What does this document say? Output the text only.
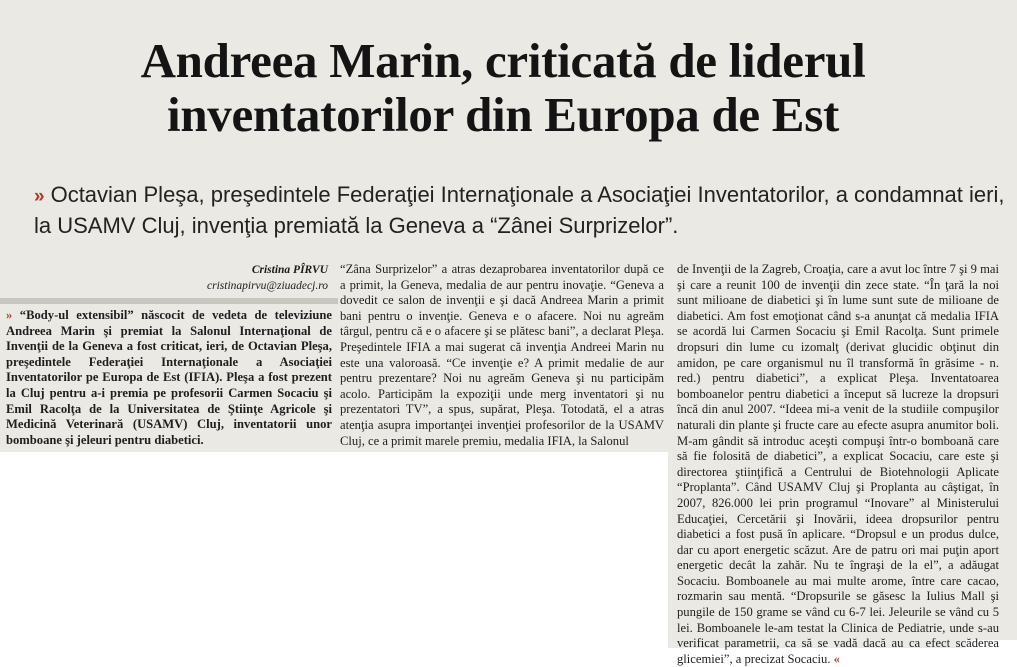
Andreea Marin, criticată de liderul inventatorilor din Europa de Est

» Octavian Pleşa, preşedintele Federaţiei Internaţionale a Asociaţiei Inventatorilor, a condamnat ieri, la USAMV Cluj, invenţia premiată la Geneva a “Zânei Surprizelor”.

Cristina PÎRVU
cristinapirvu@ziuadecj.ro

» “Body-ul extensibil” născocit de vedeta de televiziune Andreea Marin şi premiat la Salonul Internaţional de Invenţii de la Geneva a fost criticat, ieri, de Octavian Pleşa, preşedintele Federaţiei Internaţionale a Asociaţiei Inventatorilor pe Europa de Est (IFIA). Pleşa a fost prezent la Cluj pentru a-i premia pe profesorii Carmen Socaciu şi Emil Racolţa de la Universitatea de Ştiinţe Agricole şi Medicină Veterinară (USAMV) Cluj, inventatorii unor bomboane şi jeleuri pentru diabetici.

“Zâna Surprizelor” a atras dezaprobarea inventatorilor după ce a primit, la Geneva, medalia de aur pentru inovaţie. “Geneva a dovedit ce salon de invenţii e şi dacă Andreea Marin a primit bani pentru o invenţie. Geneva e o afacere. Noi nu agreăm târgul, pentru că e o afacere şi se plătesc bani”, a declarat Pleşa. Preşedintele IFIA a mai sugerat că invenţia Andreei Marin nu este una valoroasă. “Ce invenţie e? A primit medalie de aur pentru prezentare? Noi nu agreăm Geneva şi nu participăm acolo. Participăm la expoziţii unde merg inventatori şi nu prezentatori TV”, a spus, supărat, Pleşa. Totodată, el a atras atenţia asupra importanţei invenţiei profesorilor de la USAMV Cluj, ce a primit marele premiu, medalia IFIA, la Salonul

de Invenţii de la Zagreb, Croaţia, care a avut loc între 7 şi 9 mai şi care a reunit 100 de invenţii din zece state. “În ţară la noi sunt milioane de diabetici şi în lume sunt sute de milioane de diabetici. Am fost emoţionat când s-a anunţat că medalia IFIA se acordă lui Carmen Socaciu şi Emil Racolţa. Sunt primele dropsuri din lume cu izomalţ (derivat glucidic obţinut din amidon, pe care organismul nu îl transformă în grăsime - n. red.) pentru diabetici”, a explicat Pleşa. Inventatoarea bomboanelor pentru diabetici a început să lucreze la dropsuri încă din anul 2007. “Ideea mi-a venit de la studiile compuşilor naturali din plante şi fructe care au efecte asupra anumitor boli. M-am gândit să introduc aceşti compuşi într-o bomboană care să fie folosită de diabetici”, a explicat Socaciu, care este şi directorea ştiinţifică a Centrului de Biotehnologii Aplicate “Proplanta”. Când USAMV Cluj şi Proplanta au câştigat, în 2007, 826.000 lei prin programul “Inovare” al Ministerului Educaţiei, Cercetării şi Inovării, ideea dropsurilor pentru diabetici a fost pusă în aplicare. “Dropsul e un produs dulce, dar cu aport energetic scăzut. Are de patru ori mai puţin aport energetic decât la zahăr. Nu te îngraşi de la el”, a adăugat Socaciu. Bomboanele au mai multe arome, între care cacao, rozmarin sau mentă. “Dropsurile se găsesc la Iulius Mall şi pungile de 150 grame se vând cu 6-7 lei. Jeleurile se vând cu 5 lei. Bomboanele le-am testat la Clinica de Pediatrie, unde s-au verificat parametrii, ca să se vadă dacă au ca efect scăderea glicemiei”, a precizat Socaciu. «
